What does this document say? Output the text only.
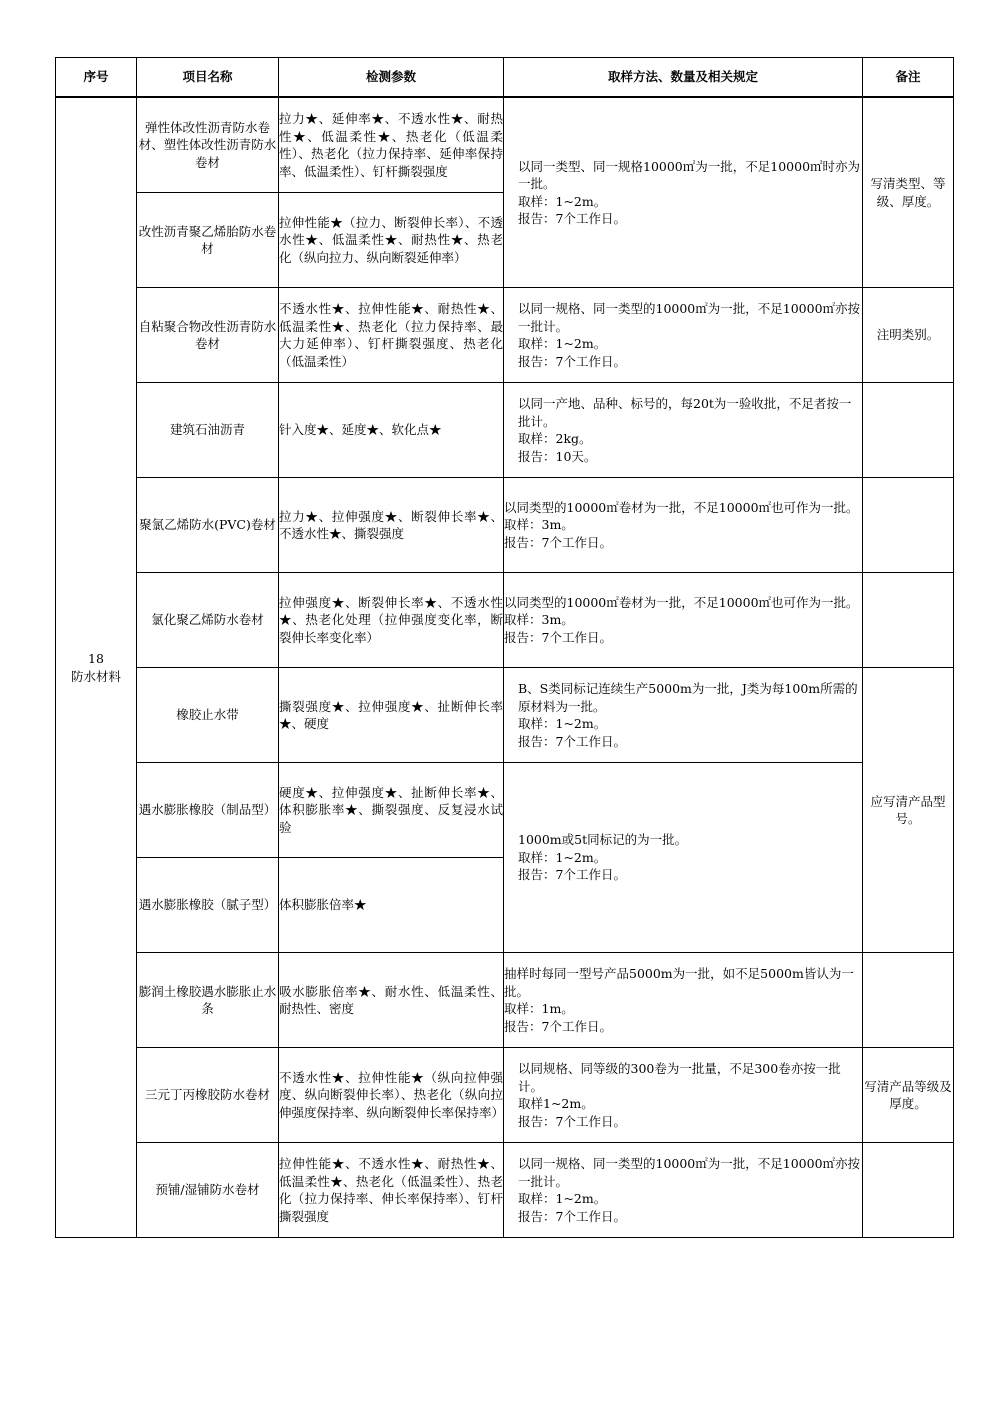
序号	项目名称	检测参数	取样方法、数量及相关规定	备注

18
防水材料	弹性体改性沥青防水卷材、塑性体改性沥青防水卷材	拉力★、延伸率★、不透水性★、耐热性★、低温柔性★、热老化（低温柔性）、热老化（拉力保持率、延伸率保持率、低温柔性）、钉杆撕裂强度	以同一类型、同一规格10000㎡为一批，不足10000㎡时亦为一批。
取样：1~2m。
报告：7个工作日。	写清类型、等级、厚度。
	改性沥青聚乙烯胎防水卷材	拉伸性能★（拉力、断裂伸长率）、不透水性★、低温柔性★、耐热性★、热老化（纵向拉力、纵向断裂延伸率）		
	自粘聚合物改性沥青防水卷材	不透水性★、拉伸性能★、耐热性★、低温柔性★、热老化（拉力保持率、最大力延伸率）、钉杆撕裂强度、热老化（低温柔性）	以同一规格、同一类型的10000㎡为一批，不足10000㎡亦按一批计。
取样：1~2m。
报告：7个工作日。	注明类别。
	建筑石油沥青	针入度★、延度★、软化点★	以同一产地、品种、标号的，每20t为一验收批，不足者按一批计。
取样：2kg。
报告：10天。	

	聚氯乙烯防水(PVC)卷材	拉力★、拉伸强度★、断裂伸长率★、不透水性★、撕裂强度	以同类型的10000㎡卷材为一批，不足10000㎡也可作为一批。
取样：3m。
报告：7个工作日。	

	氯化聚乙烯防水卷材	拉伸强度★、断裂伸长率★、不透水性★、热老化处理（拉伸强度变化率，断裂伸长率变化率）	以同类型的10000㎡卷材为一批，不足10000㎡也可作为一批。
取样：3m。
报告：7个工作日。	

	橡胶止水带	撕裂强度★、拉伸强度★、扯断伸长率★、硬度	B、S类同标记连续生产5000m为一批，J类为每100m所需的原材料为一批。
取样：1~2m。
报告：7个工作日。	应写清产品型号。
	遇水膨胀橡胶（制品型）	硬度★、拉伸强度★、扯断伸长率★、体积膨胀率★、撕裂强度、反复浸水试验	1000m或5t同标记的为一批。
取样：1~2m。
报告：7个工作日。	

	遇水膨胀橡胶（腻子型）	体积膨胀倍率★		
	膨润土橡胶遇水膨胀止水条	吸水膨胀倍率★、耐水性、低温柔性、耐热性、密度	抽样时每同一型号产品5000m为一批，如不足5000m皆认为一批。
取样：1m。
报告：7个工作日。	

	三元丁丙橡胶防水卷材	不透水性★、拉伸性能★（纵向拉伸强度、纵向断裂伸长率）、热老化（纵向拉伸强度保持率、纵向断裂伸长率保持率）	以同规格、同等级的300卷为一批量，不足300卷亦按一批计。
取样1~2m。
报告：7个工作日。	写清产品等级及厚度。
	预铺/湿铺防水卷材	拉伸性能★、不透水性★、耐热性★、低温柔性★、热老化（低温柔性）、热老化（拉力保持率、伸长率保持率）、钉杆撕裂强度	以同一规格、同一类型的10000㎡为一批，不足10000㎡亦按一批计。
取样：1~2m。
报告：7个工作日。	
